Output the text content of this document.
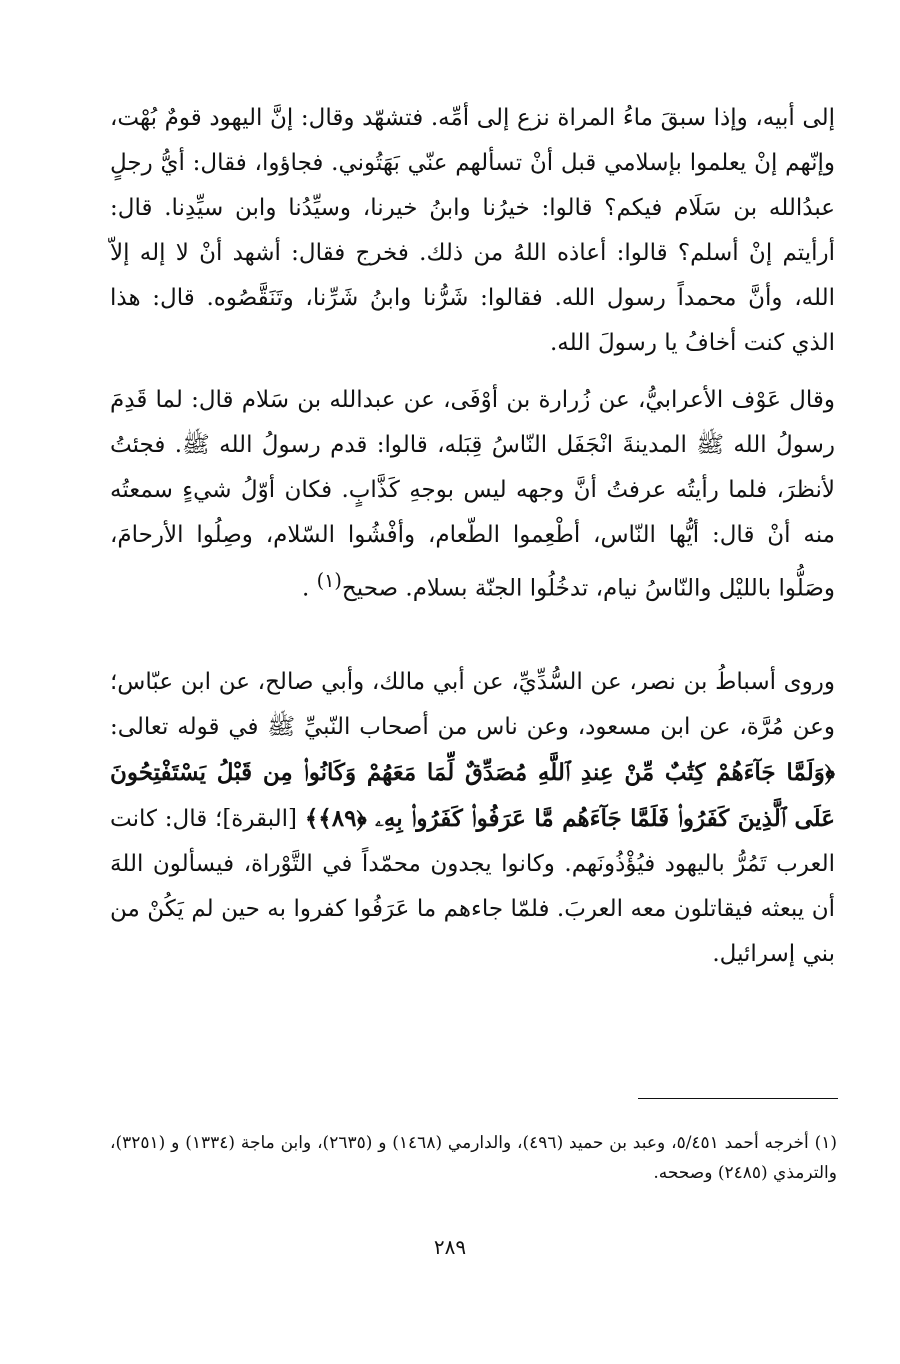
إلى أبيه، وإذا سبقَ ماءُ المراة نزع إلى أمِّه. فتشهّد وقال: إنَّ اليهود قومٌ بُهْت، وإنّهم إنْ يعلموا بإسلامي قبل أنْ تسألهم عنّي بَهَتُوني. فجاؤوا، فقال: أيُّ رجلٍ عبدُالله بن سَلَام فيكم؟ قالوا: خيرُنا وابنُ خيرنا، وسيِّدُنا وابن سيِّدِنا. قال: أرأيتم إنْ أسلم؟ قالوا: أعاذه اللهُ من ذلك. فخرج فقال: أشهد أنْ لا إله إلاّ الله، وأنَّ محمداً رسول الله. فقالوا: شَرُّنا وابنُ شَرِّنا، وتَنَقَّصُوه. قال: هذا الذي كنت أخافُ يا رسولَ الله.

وقال عَوْف الأعرابيُّ، عن زُرارة بن أوْفَى، عن عبدالله بن سَلام قال: لما قَدِمَ رسولُ الله ﷺ المدينةَ انْجَفَل النّاسُ قِبَله، قالوا: قدم رسولُ الله ﷺ. فجئتُ لأنظرَ، فلما رأيتُه عرفتُ أنَّ وجهه ليس بوجهِ كَذَّابٍ. فكان أوّلُ شيءٍ سمعتُه منه أنْ قال: أيُّها النّاس، أطْعِموا الطّعام، وأفْشُوا السّلام، وصِلُوا الأرحامَ، وصَلُّوا بالليْل والنّاسُ نيام، تدخُلُوا الجنّة بسلام. صحيح$^{(١)}$ .

وروى أسباطُ بن نصر، عن السُّدِّيِّ، عن أبي مالك، وأبي صالح، عن ابن عبّاس؛ وعن مُرَّة، عن ابن مسعود، وعن ناس من أصحاب النّبيِّ ﷺ في قوله تعالى: ﴿وَلَمَّا جَآءَهُمْ كِتَٰبٌ مِّنْ عِندِ ٱللَّهِ مُصَدِّقٌ لِّمَا مَعَهُمْ وَكَانُوا۟ مِن قَبْلُ يَسْتَفْتِحُونَ عَلَى ٱلَّذِينَ كَفَرُوا۟ فَلَمَّا جَآءَهُم مَّا عَرَفُوا۟ كَفَرُوا۟ بِهِۦ ﴿٨٩﴾﴾ [البقرة]؛ قال: كانت العرب تَمُرُّ باليهود فيُؤْذُونَهم. وكانوا يجدون محمّداً في التَّوْراة، فيسألون اللهَ أن يبعثه فيقاتلون معه العربَ. فلمّا جاءهم ما عَرَفُوا كفروا به حين لم يَكُنْ من بني إسرائيل.

(١) أخرجه أحمد ٥/٤٥١، وعبد بن حميد (٤٩٦)، والدارمي (١٤٦٨) و (٢٦٣٥)، وابن ماجة (١٣٣٤) و (٣٢٥١)، والترمذي (٢٤٨٥) وصححه.
٢٨٩
